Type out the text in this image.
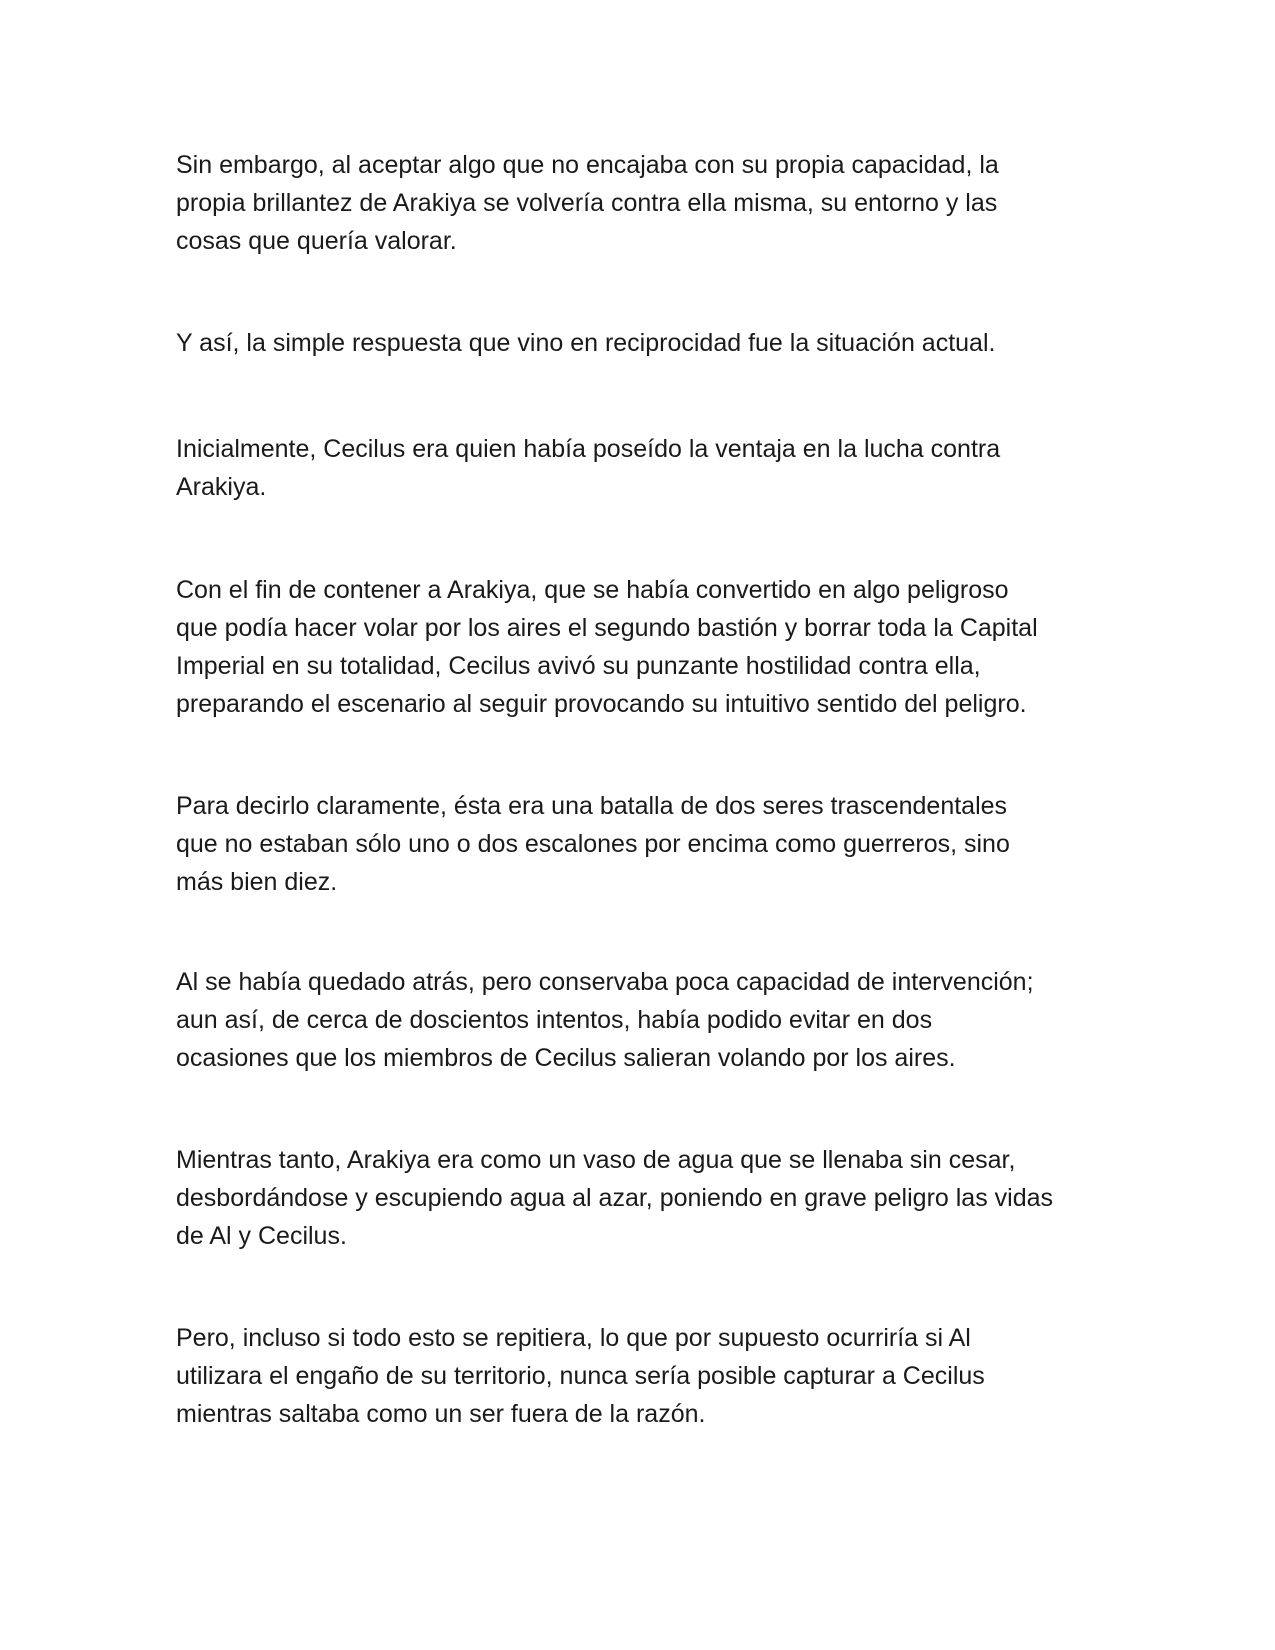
Sin embargo, al aceptar algo que no encajaba con su propia capacidad, la
propia brillantez de Arakiya se volvería contra ella misma, su entorno y las
cosas que quería valorar.

Y así, la simple respuesta que vino en reciprocidad fue la situación actual.

Inicialmente, Cecilus era quien había poseído la ventaja en la lucha contra
Arakiya.

Con el fin de contener a Arakiya, que se había convertido en algo peligroso
que podía hacer volar por los aires el segundo bastión y borrar toda la Capital
Imperial en su totalidad, Cecilus avivó su punzante hostilidad contra ella,
preparando el escenario al seguir provocando su intuitivo sentido del peligro.

Para decirlo claramente, ésta era una batalla de dos seres trascendentales
que no estaban sólo uno o dos escalones por encima como guerreros, sino
más bien diez.

Al se había quedado atrás, pero conservaba poca capacidad de intervención;
aun así, de cerca de doscientos intentos, había podido evitar en dos
ocasiones que los miembros de Cecilus salieran volando por los aires.

Mientras tanto, Arakiya era como un vaso de agua que se llenaba sin cesar,
desbordándose y escupiendo agua al azar, poniendo en grave peligro las vidas
de Al y Cecilus.

Pero, incluso si todo esto se repitiera, lo que por supuesto ocurriría si Al
utilizara el engaño de su territorio, nunca sería posible capturar a Cecilus
mientras saltaba como un ser fuera de la razón.
